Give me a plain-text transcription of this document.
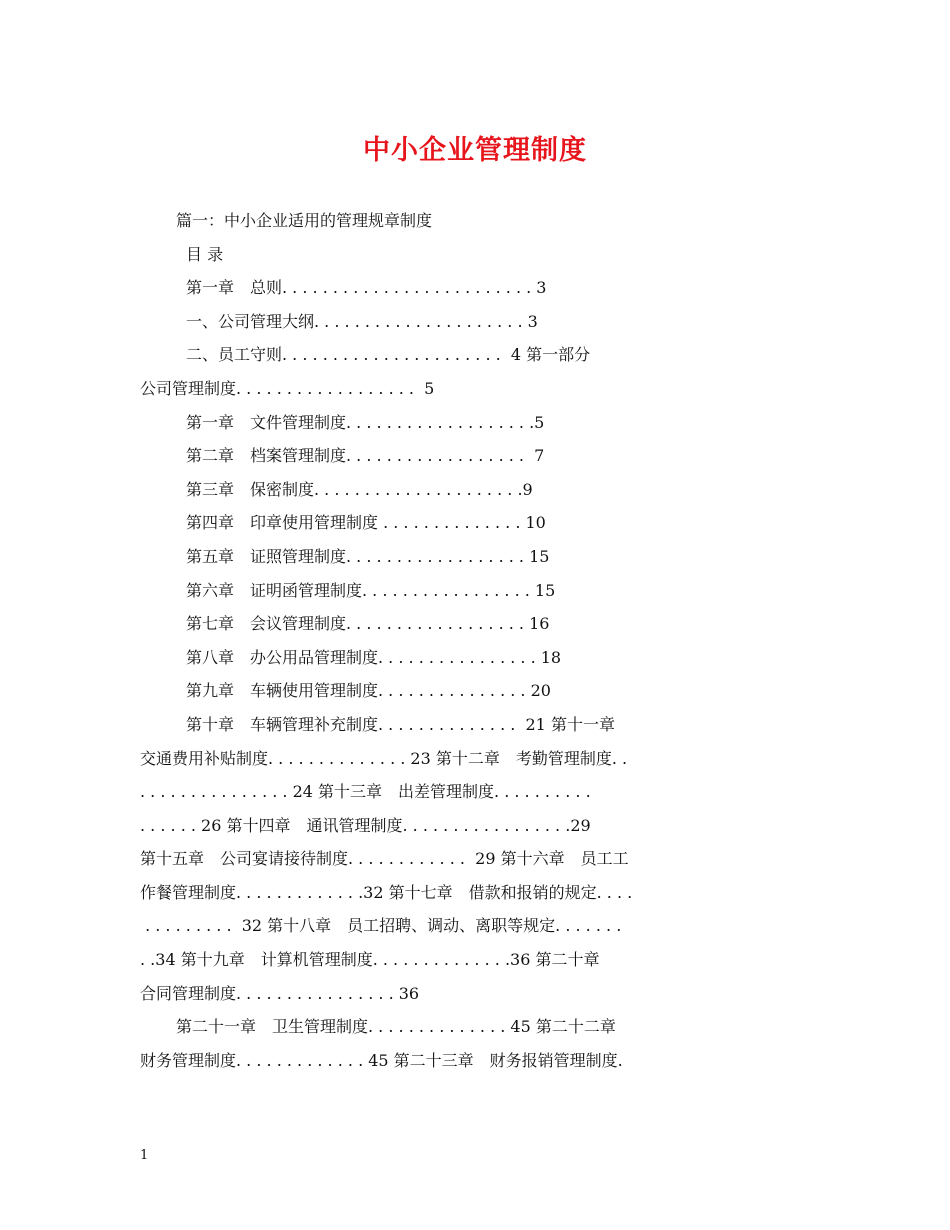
中小企业管理制度
篇一：中小企业适用的管理规章制度
目 录
第一章　总则. . . . . . . . . . . . . . . . . . . . . . . . . 3
一、公司管理大纲. . . . . . . . . . . . . . . . . . . . . 3
二、员工守则. . . . . . . . . . . . . . . . . . . . . .  4 第一部分
公司管理制度. . . . . . . . . . . . . . . . . .  5
第一章　文件管理制度. . . . . . . . . . . . . . . . . . .5
第二章　档案管理制度. . . . . . . . . . . . . . . . . .  7
第三章　保密制度. . . . . . . . . . . . . . . . . . . . .9
第四章　印章使用管理制度 . . . . . . . . . . . . . . 10
第五章　证照管理制度. . . . . . . . . . . . . . . . . . 15
第六章　证明函管理制度. . . . . . . . . . . . . . . . . 15
第七章　会议管理制度. . . . . . . . . . . . . . . . . . 16
第八章　办公用品管理制度. . . . . . . . . . . . . . . . 18
第九章　车辆使用管理制度. . . . . . . . . . . . . . . 20
第十章　车辆管理补充制度. . . . . . . . . . . . . .  21 第十一章
交通费用补贴制度. . . . . . . . . . . . . . 23 第十二章　考勤管理制度. .
. . . . . . . . . . . . . . . 24 第十三章　出差管理制度. . . . . . . . . .
. . . . . . 26 第十四章　通讯管理制度. . . . . . . . . . . . . . . . .29
第十五章　公司宴请接待制度. . . . . . . . . . . .  29 第十六章　员工工
作餐管理制度. . . . . . . . . . . . .32 第十七章　借款和报销的规定. . . .
. . . . . . . . .  32 第十八章　员工招聘、调动、离职等规定. . . . . . .
. .34 第十九章　计算机管理制度. . . . . . . . . . . . . .36 第二十章
合同管理制度. . . . . . . . . . . . . . . . 36
第二十一章　卫生管理制度. . . . . . . . . . . . . . 45 第二十二章
财务管理制度. . . . . . . . . . . . . 45 第二十三章　财务报销管理制度.
1
